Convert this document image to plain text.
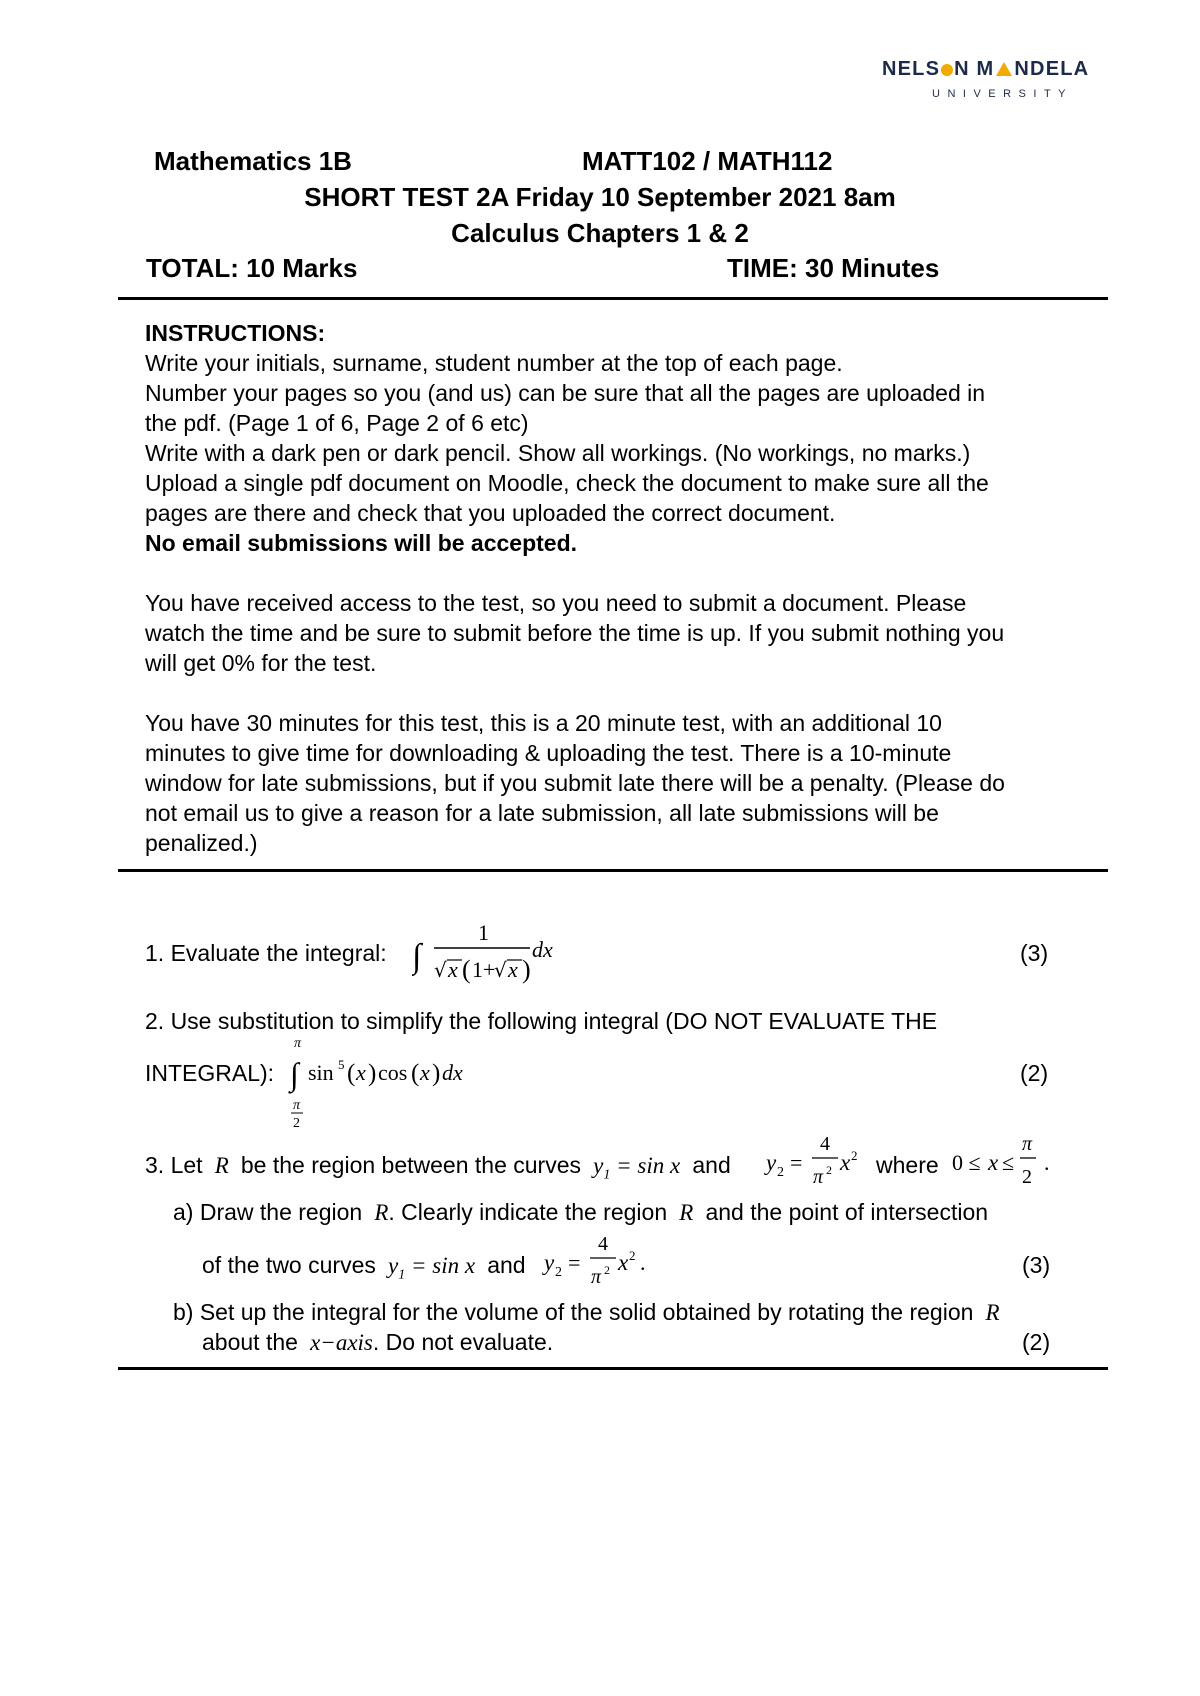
NELS N M NDELA
UNIVERSITY
Mathematics 1B	MATT102 / MATH112
SHORT TEST 2A Friday 10 September 2021 8am
Calculus Chapters 1 & 2
TOTAL: 10 Marks	TIME: 30 Minutes
INSTRUCTIONS:
Write your initials, surname, student number at the top of each page.
Number your pages so you (and us) can be sure that all the pages are uploaded in
the pdf. (Page 1 of 6, Page 2 of 6 etc)
Write with a dark pen or dark pencil. Show all workings. (No workings, no marks.)
Upload a single pdf document on Moodle, check the document to make sure all the
pages are there and check that you uploaded the correct document.
No email submissions will be accepted.
You have received access to the test, so you need to submit a document. Please
watch the time and be sure to submit before the time is up. If you submit nothing you
will get 0% for the test.
You have 30 minutes for this test, this is a 20 minute test, with an additional 10
minutes to give time for downloading & uploading the test. There is a 10-minute
window for late submissions, but if you submit late there will be a penalty. (Please do
not email us to give a reason for a late submission, all late submissions will be
penalized.)
1. Evaluate the integral: ∫
1
√ x ( 1+
√ x )
dx	(3)
2. Use substitution to simplify the following integral (DO NOT EVALUATE THE
INTEGRAL):
π
∫
π
2
sin 5 ( x ) cos ( x ) dx	(2)
3. Let  R  be the region between the curves  $y_1 = \sin x$  and y 2 =
4
π 2 x 2 where 0 ≤ x ≤
π
2
.
a) Draw the region  R. Clearly indicate the region  R  and the point of intersection
of the two curves  $y_1 = \sin x$  and y 2 =
4
π 2 x 2 .	(3)
b) Set up the integral for the volume of the solid obtained by rotating the region  R
about the  x−axis. Do not evaluate.	(2)
